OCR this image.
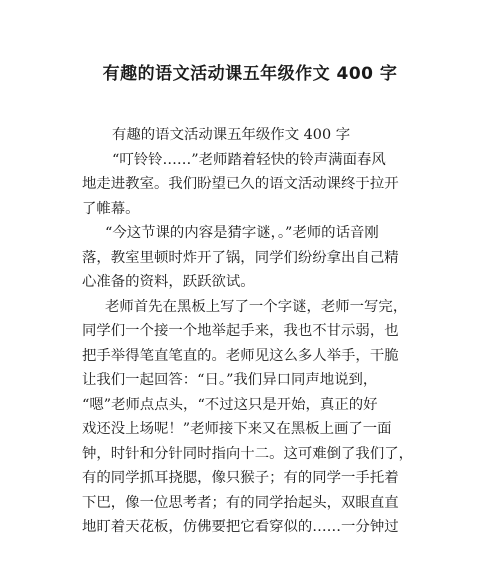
有趣的语文活动课五年级作文 400 字
有趣的语文活动课五年级作文 400 字
“叮铃铃……”老师踏着轻快的铃声满面春风
地走进教室。我们盼望已久的语文活动课终于拉开
了帷幕。
“今这节课的内容是猜字谜，。”老师的话音刚
落，教室里顿时炸开了锅，同学们纷纷拿出自己精
心准备的资料，跃跃欲试。
老师首先在黑板上写了一个字谜，老师一写完，
同学们一个接一个地举起手来，我也不甘示弱，也
把手举得笔直笔直的。老师见这么多人举手，干脆
让我们一起回答：“日。”我们异口同声地说到，
“嗯”老师点点头，“不过这只是开始，真正的好
戏还没上场呢！”老师接下来又在黑板上画了一面
钟，时针和分针同时指向十二。这可难倒了我们了，
有的同学抓耳挠腮，像只猴子；有的同学一手托着
下巴，像一位思考者；有的同学抬起头，双眼直直
地盯着天花板，仿佛要把它看穿似的……一分钟过
